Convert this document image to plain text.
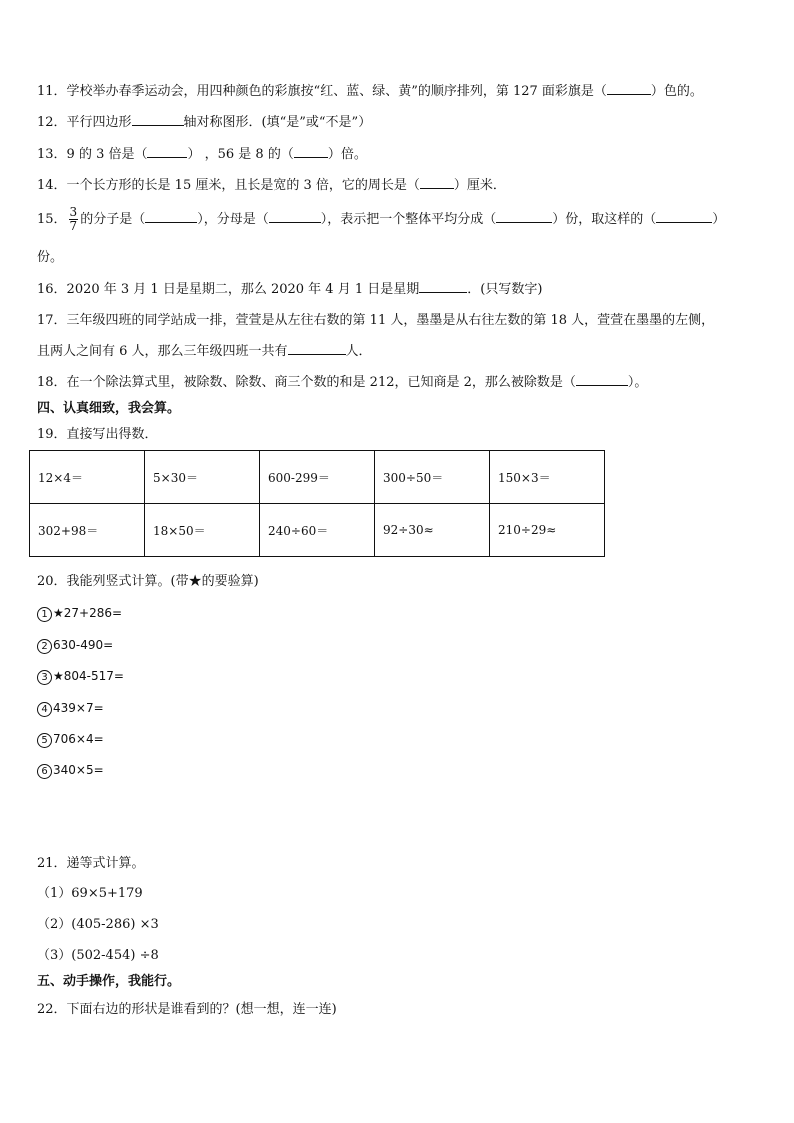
11．学校举办春季运动会，用四种颜色的彩旗按“红、蓝、绿、黄”的顺序排列，第 127 面彩旗是（	）色的。
12．平行四边形	轴对称图形．(填“是”或“不是”）
13．9 的 3 倍是（	） ，56 是 8 的（	）倍。
14．一个长方形的长是 15 厘米，且长是宽的 3 倍，它的周长是（	）厘米．
15． $\frac{3}{7}$ 的分子是（	），分母是（	），表示把一个整体平均分成（	）份，取这样的（	）
份。
16．2020 年 3 月 1 日是星期二，那么 2020 年 4 月 1 日是星期	．(只写数字)
17．三年级四班的同学站成一排，萱萱是从左往右数的第 11 人，墨墨是从右往左数的第 18 人，萱萱在墨墨的左侧，
且两人之间有 6 人，那么三年级四班一共有	人．
18．在一个除法算式里，被除数、除数、商三个数的和是 212，已知商是 2，那么被除数是（	）。
四、认真细致，我会算。
19．直接写出得数．
12×4＝	5×30＝	600-299＝	300÷50＝	150×3＝
302+98＝	18×50＝	240÷60＝	92÷30≈	210÷29≈
20．我能列竖式计算。(带★的要验算)
1 ★27+286=
2 630-490=
3 ★804-517=
4 439×7=
5 706×4=
6 340×5=
21．递等式计算。
（1）69×5+179
（2）(405-286) ×3
（3）(502-454) ÷8
五、动手操作，我能行。
22．下面右边的形状是谁看到的？(想一想，连一连)
